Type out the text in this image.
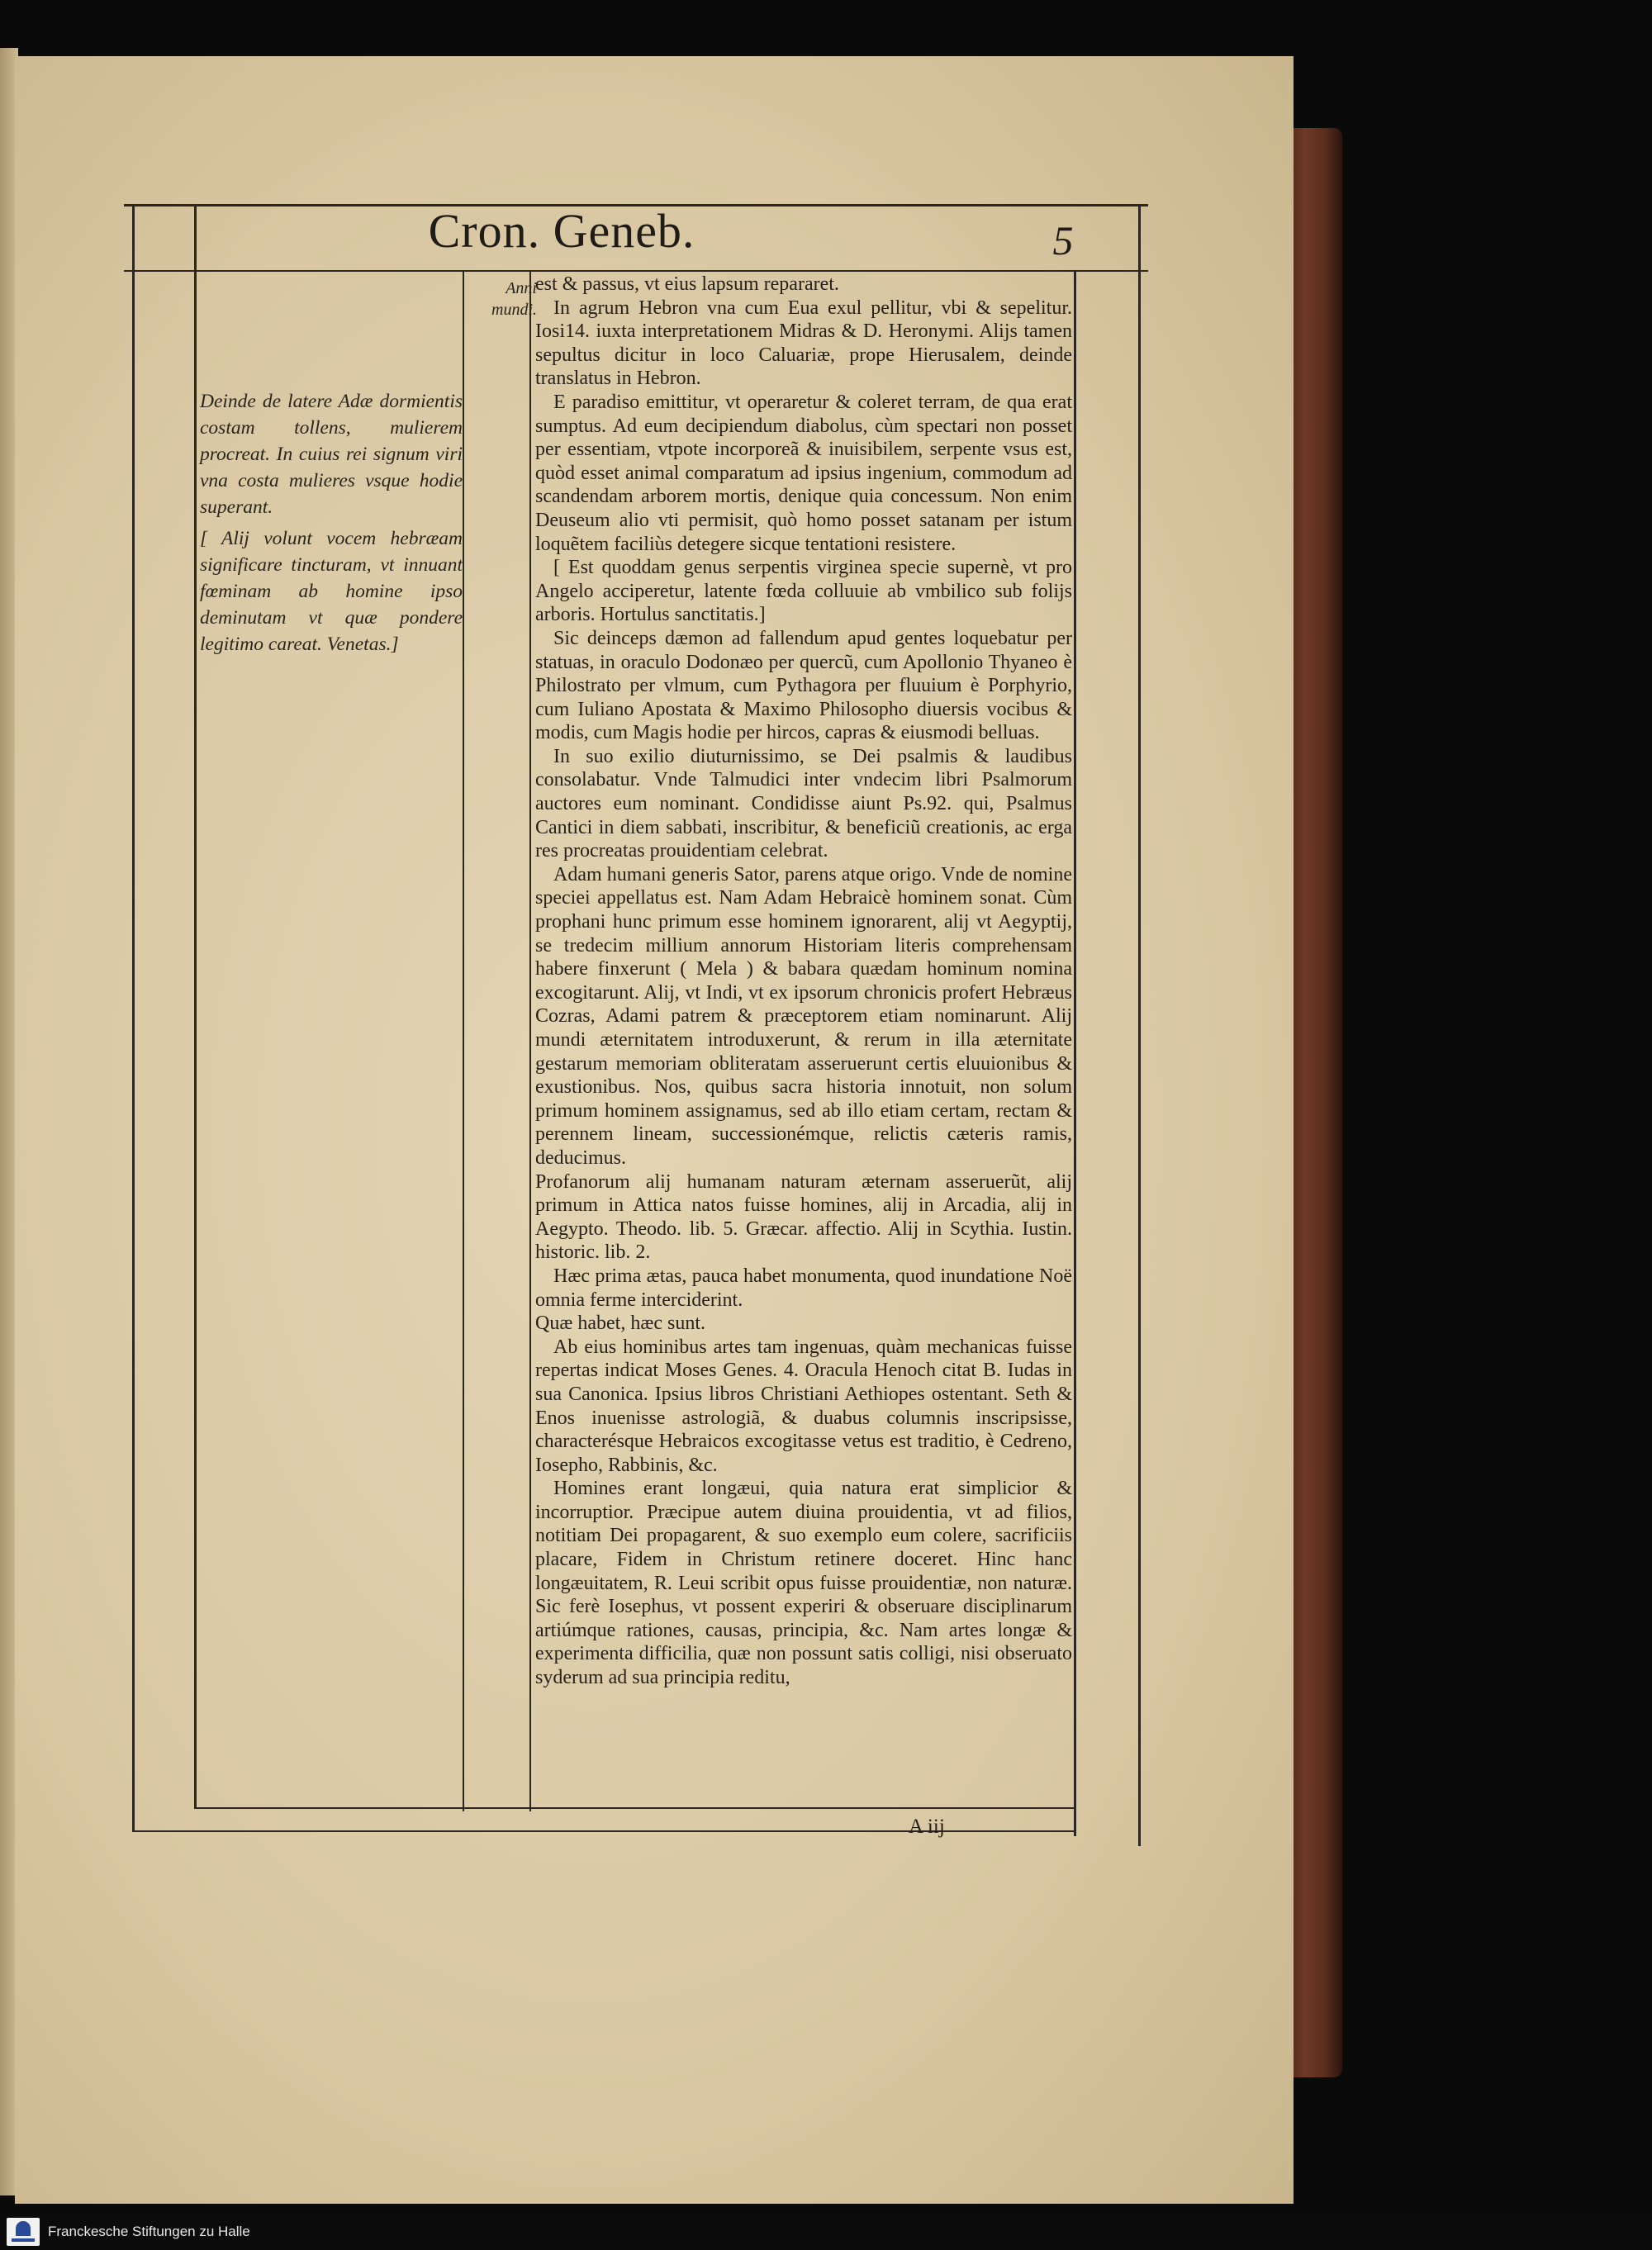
Cron. Geneb.	5
Anni
mundi.

Deinde de latere Adæ dormientis costam tollens, mulierem procreat. In cuius rei signum viri vna costa mulieres vsque hodie superant.

[ Alij volunt vocem hebræam significare tincturam, vt innuant fœminam ab homine ipso deminutam vt quæ pondere legitimo careat. Venetas.]

est & passus, vt eius lapsum repararet.

In agrum Hebron vna cum Eua exul pellitur, vbi & sepelitur. Iosi14. iuxta interpretationem Midras & D. Heronymi. Alijs tamen sepultus dicitur in loco Caluariæ, prope Hierusalem, deinde translatus in Hebron.

E paradiso emittitur, vt operaretur & coleret terram, de qua erat sumptus. Ad eum decipiendum diabolus, cùm spectari non posset per essentiam, vtpote incorporeã & inuisibilem, serpente vsus est, quòd esset animal comparatum ad ipsius ingenium, commodum ad scandendam arborem mortis, denique quia concessum. Non enim Deuseum alio vti permisit, quò homo posset satanam per istum loquẽtem faciliùs detegere sicque tentationi resistere.

[ Est quoddam genus serpentis virginea specie supernè, vt pro Angelo acciperetur, latente fœda colluuie ab vmbilico sub folijs arboris. Hortulus sanctitatis.]

Sic deinceps dæmon ad fallendum apud gentes loquebatur per statuas, in oraculo Dodonæo per quercũ, cum Apollonio Thyaneo è Philostrato per vlmum, cum Pythagora per fluuium è Porphyrio, cum Iuliano Apostata & Maximo Philosopho diuersis vocibus & modis, cum Magis hodie per hircos, capras & eiusmodi belluas.

In suo exilio diuturnissimo, se Dei psalmis & laudibus consolabatur. Vnde Talmudici inter vndecim libri Psalmorum auctores eum nominant. Condidisse aiunt Ps.92. qui, Psalmus Cantici in diem sabbati, inscribitur, & beneficiũ creationis, ac erga res procreatas prouidentiam celebrat.

Adam humani generis Sator, parens atque origo. Vnde de nomine speciei appellatus est. Nam Adam Hebraicè hominem sonat. Cùm prophani hunc primum esse hominem ignorarent, alij vt Aegyptij, se tredecim millium annorum Historiam literis comprehensam habere finxerunt ( Mela ) & babara quædam hominum nomina excogitarunt. Alij, vt Indi, vt ex ipsorum chronicis profert Hebræus Cozras, Adami patrem & præceptorem etiam nominarunt. Alij mundi æternitatem introduxerunt, & rerum in illa æternitate gestarum memoriam obliteratam asseruerunt certis eluuionibus & exustionibus. Nos, quibus sacra historia innotuit, non solum primum hominem assignamus, sed ab illo etiam certam, rectam & perennem lineam, successionémque, relictis cæteris ramis, deducimus.

Profanorum alij humanam naturam æternam asseruerũt, alij primum in Attica natos fuisse homines, alij in Arcadia, alij in Aegypto. Theodo. lib. 5. Græcar. affectio. Alij in Scythia. Iustin. historic. lib. 2.

Hæc prima ætas, pauca habet monumenta, quod inundatione Noë omnia ferme interciderint.

Quæ habet, hæc sunt.

Ab eius hominibus artes tam ingenuas, quàm mechanicas fuisse repertas indicat Moses Genes. 4. Oracula Henoch citat B. Iudas in sua Canonica. Ipsius libros Christiani Aethiopes ostentant. Seth & Enos inuenisse astrologiã, & duabus columnis inscripsisse, characterésque Hebraicos excogitasse vetus est traditio, è Cedreno, Iosepho, Rabbinis, &c.

Homines erant longæui, quia natura erat simplicior & incorruptior. Præcipue autem diuina prouidentia, vt ad filios, notitiam Dei propagarent, & suo exemplo eum colere, sacrificiis placare, Fidem in Christum retinere doceret. Hinc hanc longæuitatem, R. Leui scribit opus fuisse prouidentiæ, non naturæ. Sic ferè Iosephus, vt possent experiri & obseruare disciplinarum artiúmque rationes, causas, principia, &c. Nam artes longæ & experimenta difficilia, quæ non possunt satis colligi, nisi obseruato syderum ad sua principia reditu,

A iij
Franckesche Stiftungen zu Halle
